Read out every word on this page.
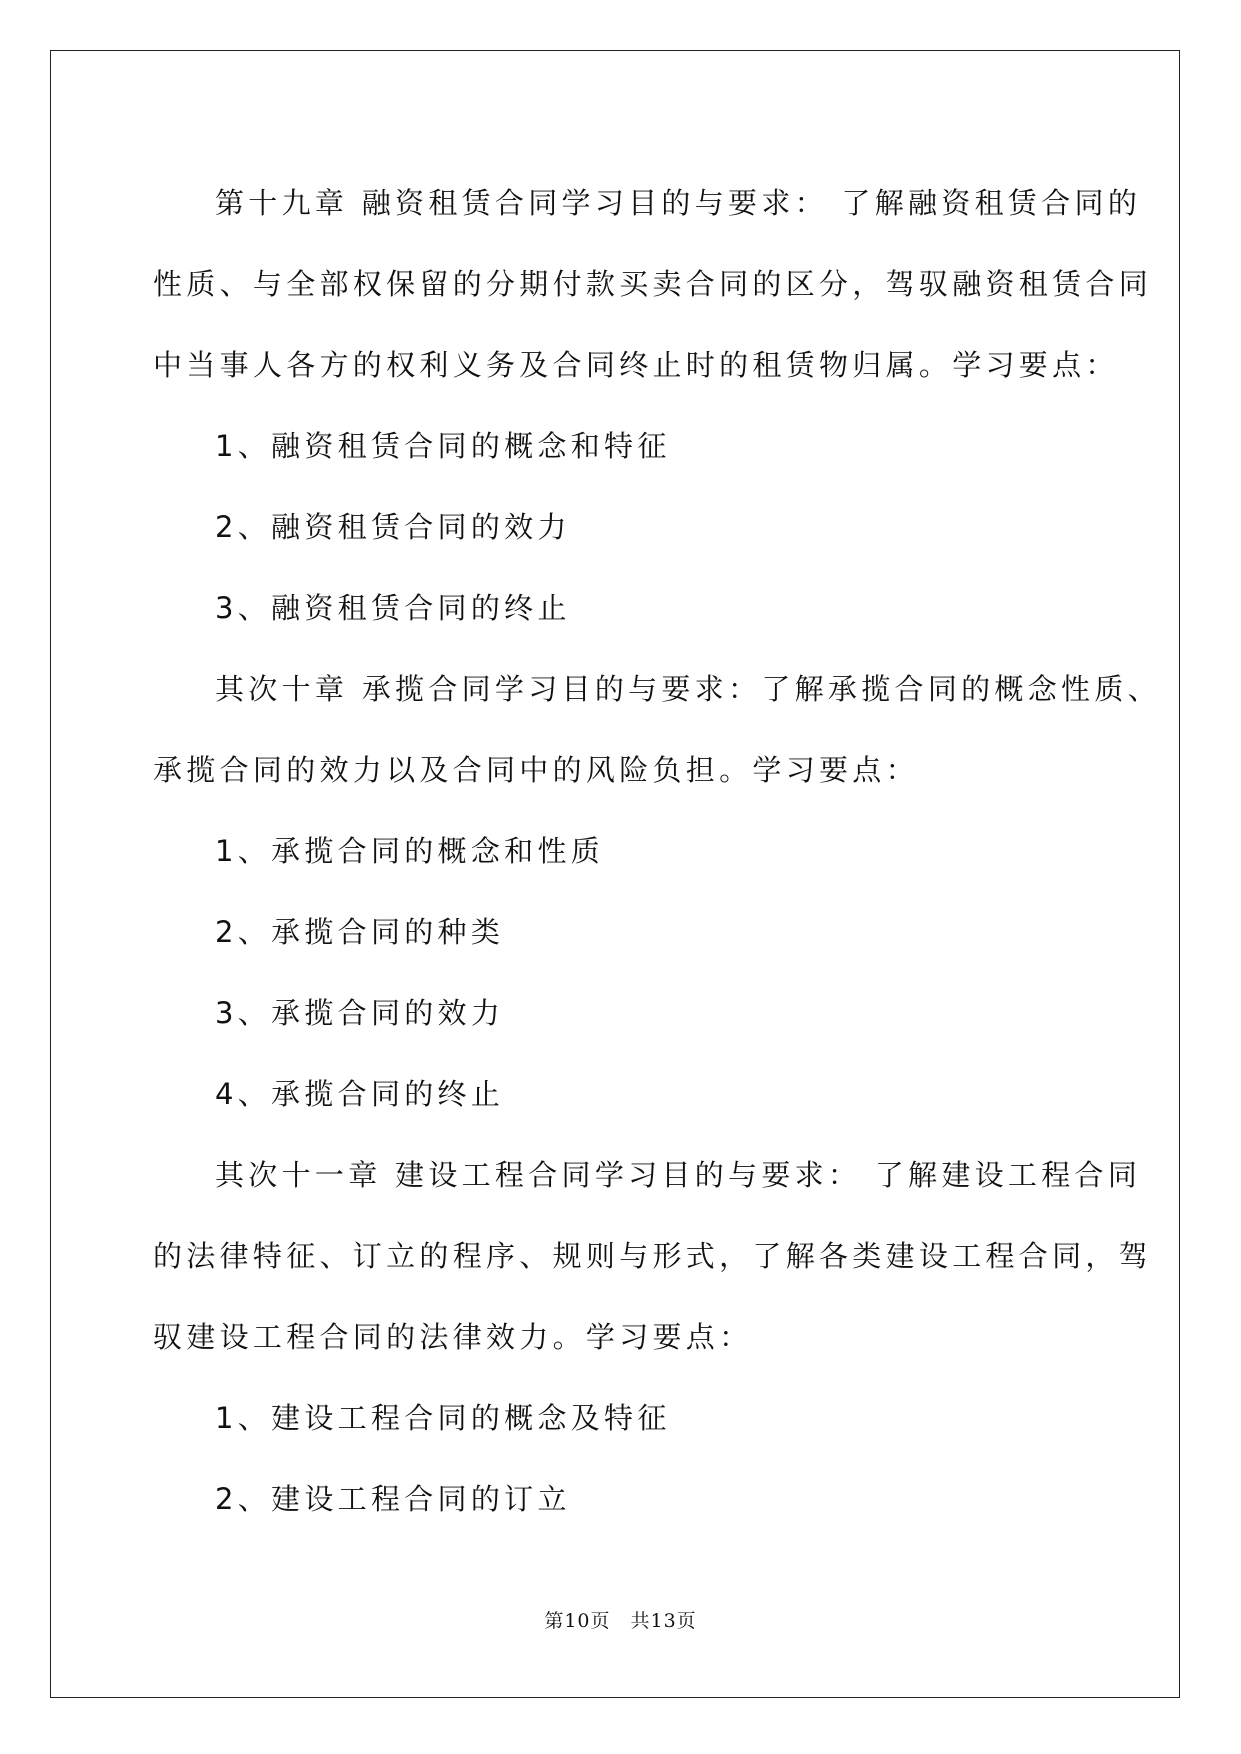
第十九章 融资租赁合同学习目的与要求： 了解融资租赁合同的
性质、与全部权保留的分期付款买卖合同的区分，驾驭融资租赁合同
中当事人各方的权利义务及合同终止时的租赁物归属。学习要点：

1、融资租赁合同的概念和特征

2、融资租赁合同的效力

3、融资租赁合同的终止

其次十章 承揽合同学习目的与要求：了解承揽合同的概念性质、
承揽合同的效力以及合同中的风险负担。学习要点：

1、承揽合同的概念和性质

2、承揽合同的种类

3、承揽合同的效力

4、承揽合同的终止

其次十一章 建设工程合同学习目的与要求： 了解建设工程合同
的法律特征、订立的程序、规则与形式，了解各类建设工程合同，驾
驭建设工程合同的法律效力。学习要点：

1、建设工程合同的概念及特征

2、建设工程合同的订立

第10页　共13页
